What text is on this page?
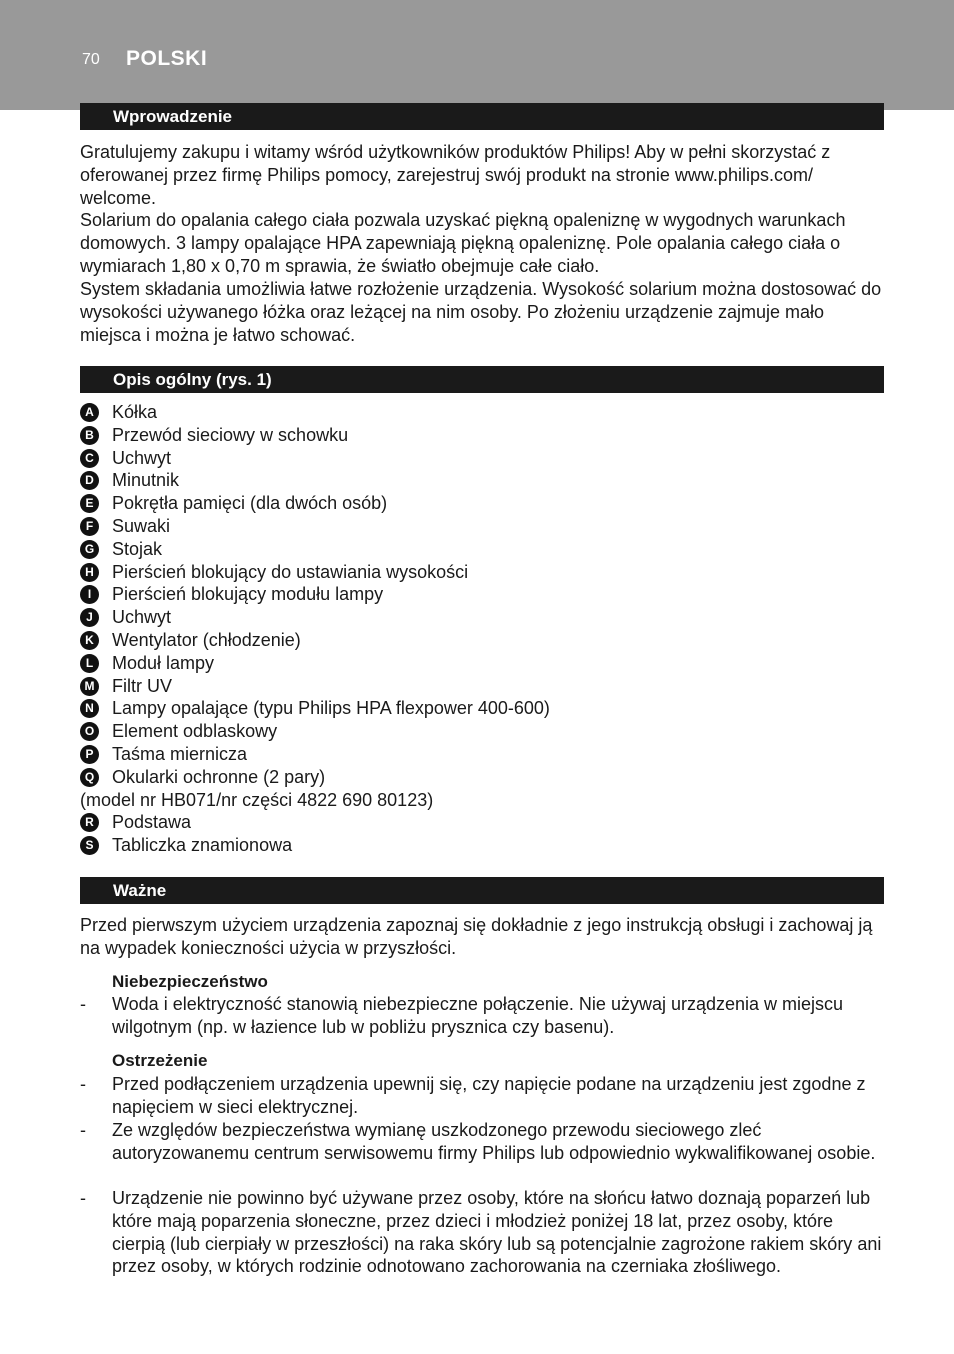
70 POLSKI
Wprowadzenie

Gratulujemy zakupu i witamy wśród użytkowników produktów Philips! Aby w pełni skorzystać z oferowanej przez firmę Philips pomocy, zarejestruj swój produkt na stronie www.philips.com/
welcome.

Solarium do opalania całego ciała pozwala uzyskać piękną opaleniznę w wygodnych warunkach domowych. 3 lampy opalające HPA zapewniają piękną opaleniznę. Pole opalania całego ciała o wymiarach 1,80 x 0,70 m sprawia, że światło obejmuje całe ciało.

System składania umożliwia łatwe rozłożenie urządzenia. Wysokość solarium można dostosować do wysokości używanego łóżka oraz leżącej na nim osoby. Po złożeniu urządzenie zajmuje mało miejsca i można je łatwo schować.

Opis ogólny (rys. 1)
A Kółka
B Przewód sieciowy w schowku
C Uchwyt
D Minutnik
E	Pokrętła pamięci (dla dwóch osób)
F	Suwaki
G Stojak
H Pierścień blokujący do ustawiania wysokości
I	Pierścień blokujący modułu lampy
J	Uchwyt
K Wentylator (chłodzenie)
L	Moduł lampy
M Filtr UV
N Lampy opalające (typu Philips HPA flexpower 400-600)
O Element odblaskowy
P	Taśma miernicza
Q Okularki ochronne (2 pary)
(model nr HB071/nr części 4822 690 80123)
R Podstawa
S	Tabliczka znamionowa
Ważne

Przed pierwszym użyciem urządzenia zapoznaj się dokładnie z jego instrukcją obsługi i zachowaj ją na wypadek konieczności użycia w przyszłości.

Niebezpieczeństwo
- Woda i elektryczność stanowią niebezpieczne połączenie. Nie używaj urządzenia w miejscu wilgotnym (np. w łazience lub w pobliżu prysznica czy basenu).
Ostrzeżenie
- Przed podłączeniem urządzenia upewnij się, czy napięcie podane na urządzeniu jest zgodne z napięciem w sieci elektrycznej.
- Ze względów bezpieczeństwa wymianę uszkodzonego przewodu sieciowego zleć autoryzowanemu centrum serwisowemu firmy Philips lub odpowiednio wykwalifikowanej osobie.
- Urządzenie nie powinno być używane przez osoby, które na słońcu łatwo doznają poparzeń lub które mają poparzenia słoneczne, przez dzieci i młodzież poniżej 18 lat, przez osoby, które cierpią (lub cierpiały w przeszłości) na raka skóry lub są potencjalnie zagrożone rakiem skóry ani przez osoby, w których rodzinie odnotowano zachorowania na czerniaka złośliwego.
